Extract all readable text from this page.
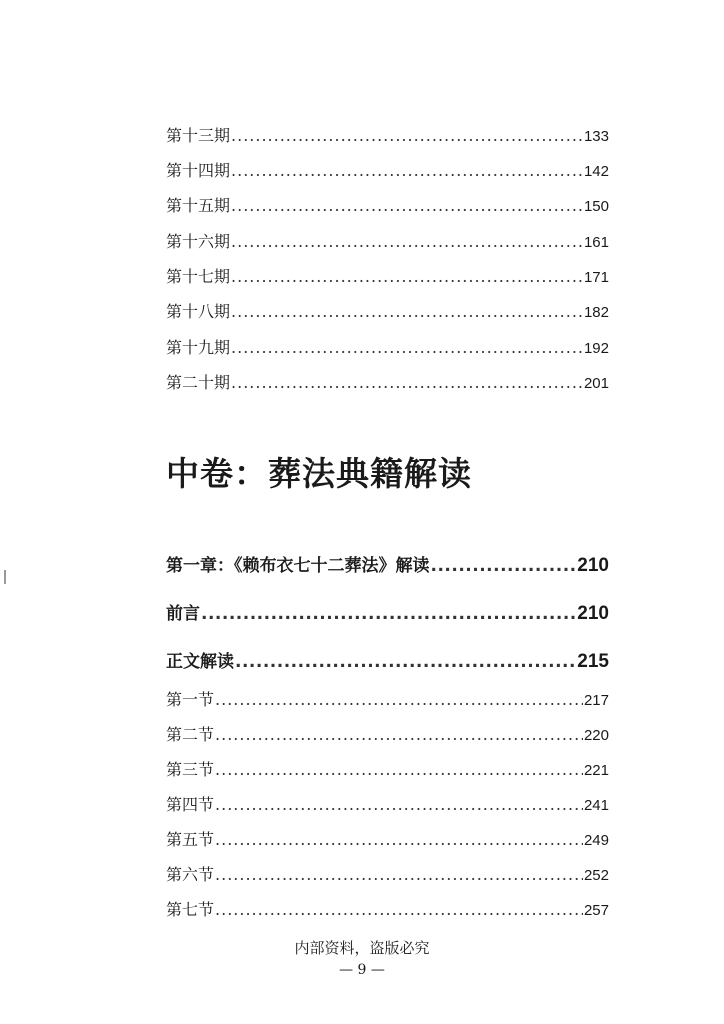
第十三期 .....	133
第十四期 .....	142
第十五期 .....	150
第十六期 .....	161
第十七期 .....	171
第十八期 .....	182
第十九期 .....	192
第二十期 .....	201
中卷：葬法典籍解读
第一章：《赖布衣七十二葬法》解读 .....	210
前言 .....	210
正文解读 .....	215
第一节 .....	217
第二节 .....	220
第三节 .....	221
第四节 .....	241
第五节 .....	249
第六节 .....	252
第七节 .....	257
内部资料，盗版必究
— 9 —
